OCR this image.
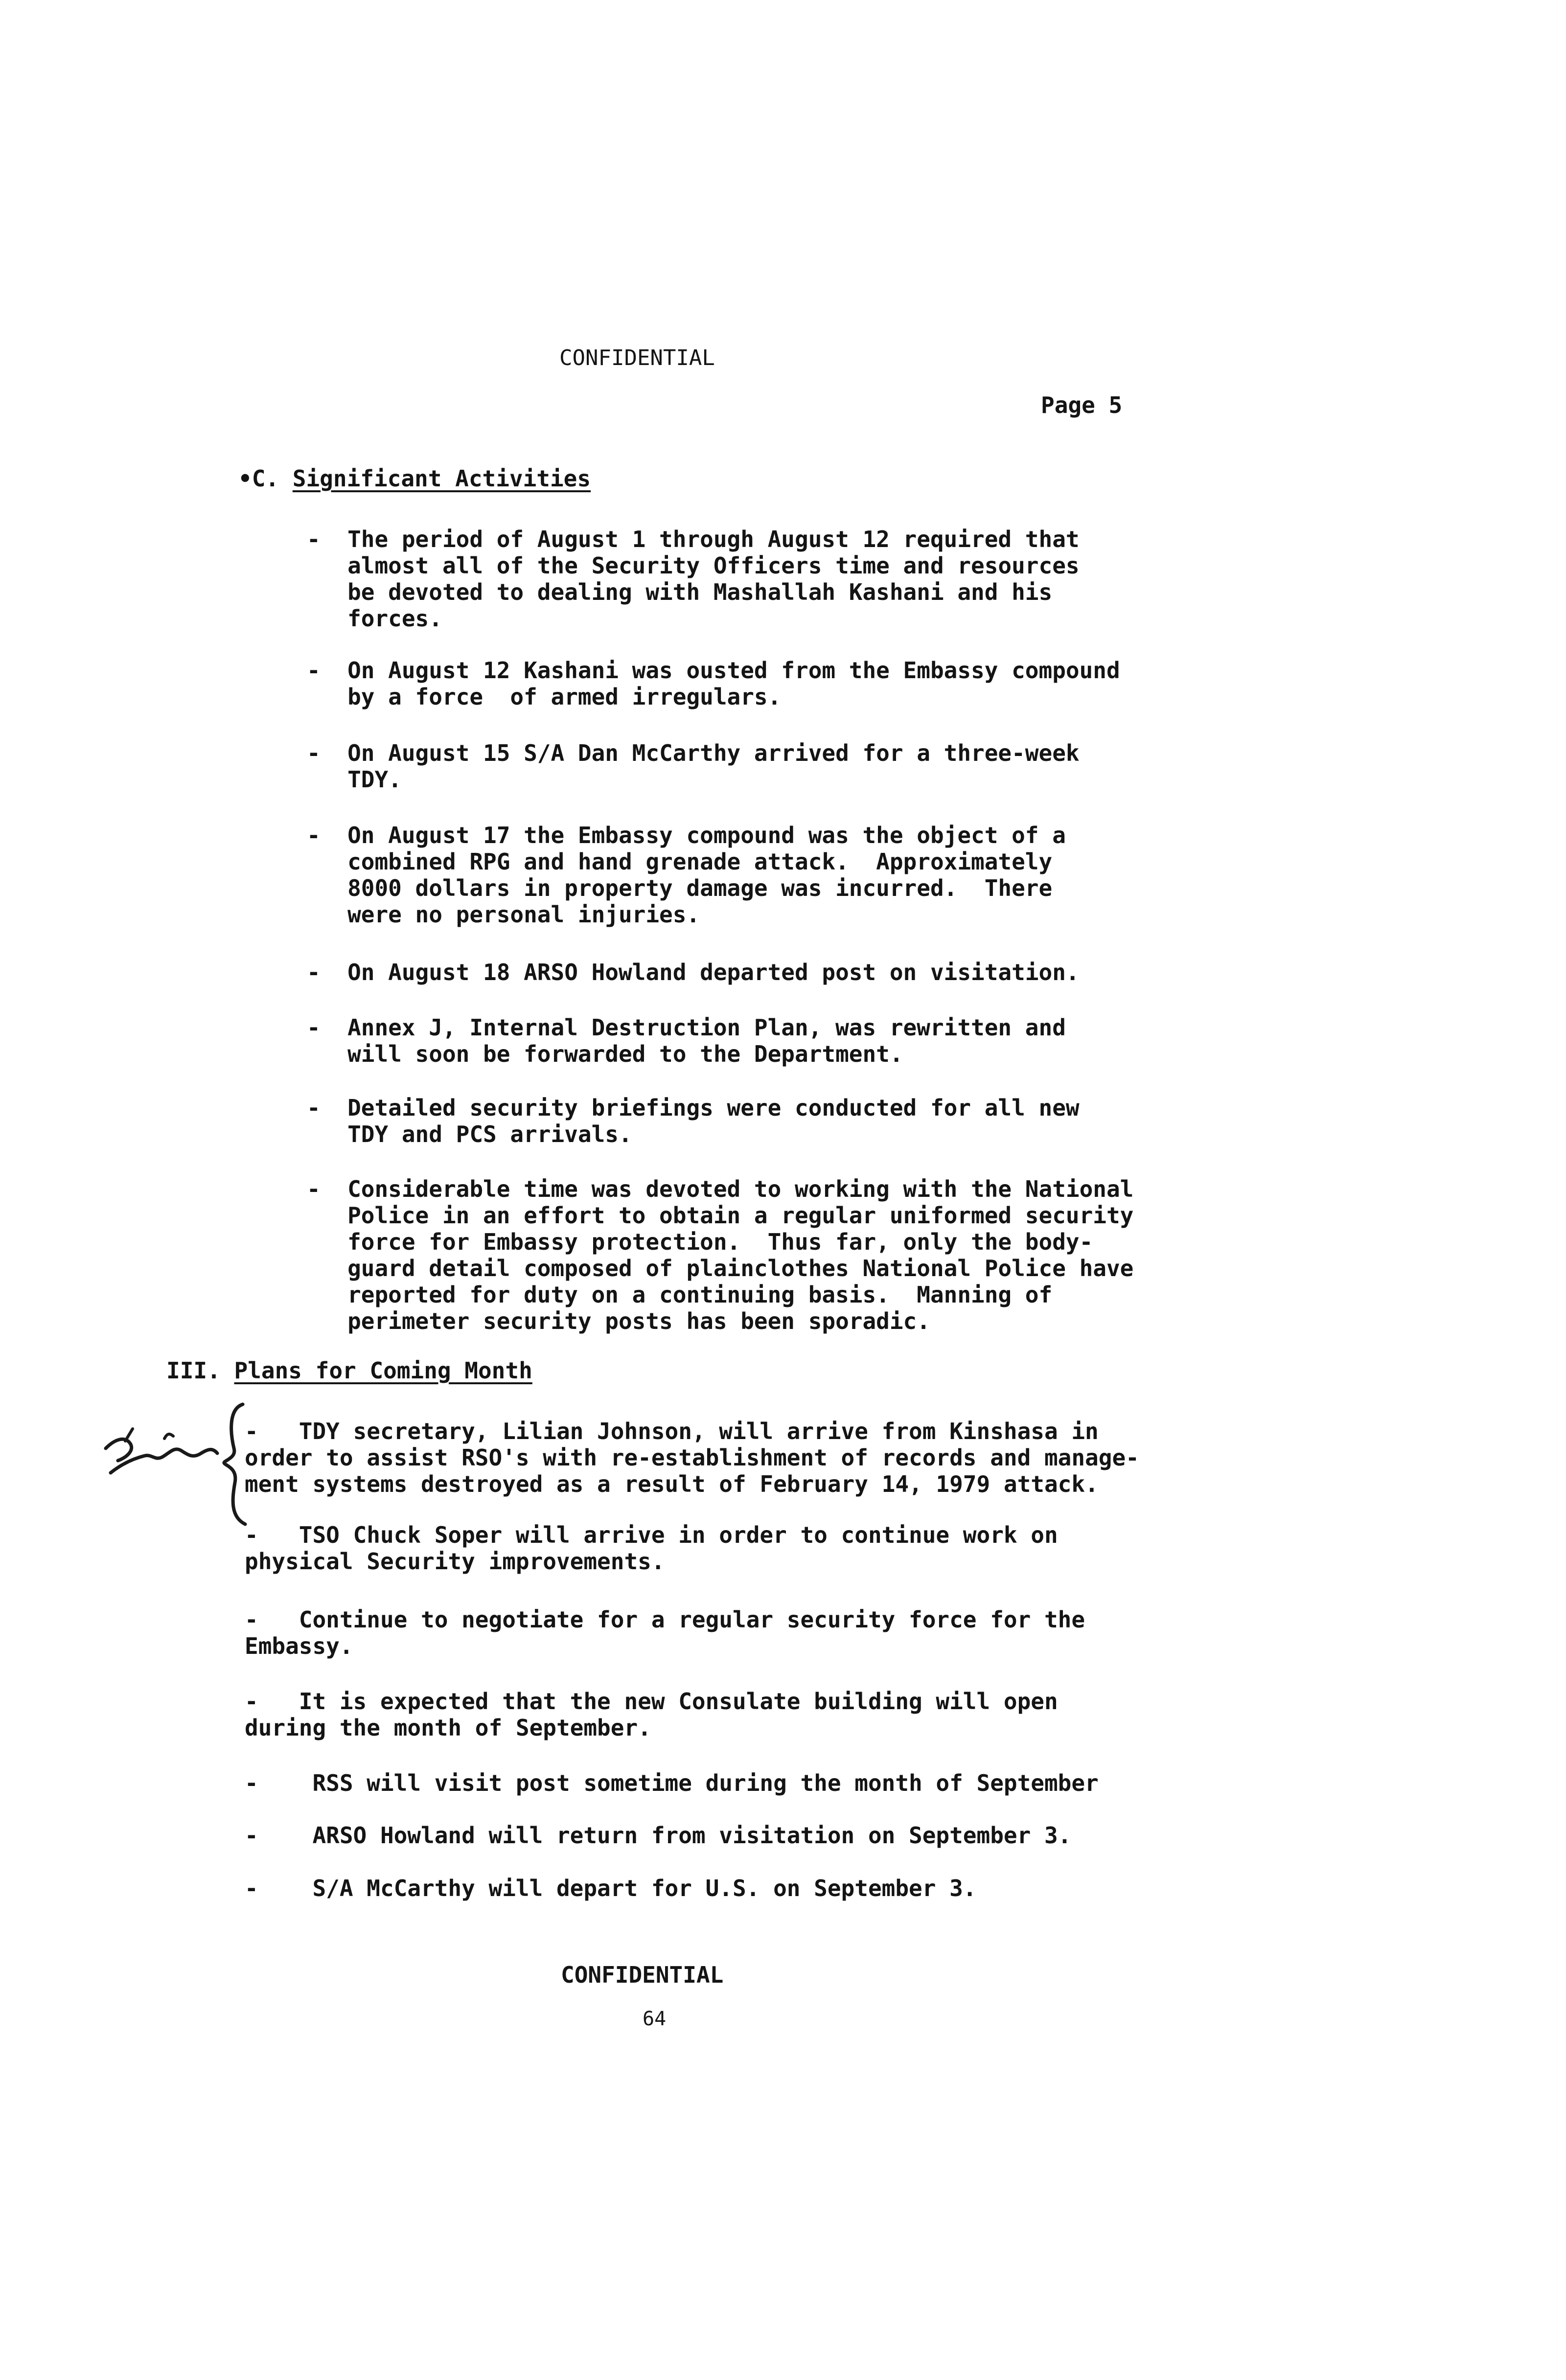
CONFIDENTIAL
Page 5
•C. Significant Activities
-  The period of August 1 through August 12 required that
almost all of the Security Officers time and resources
be devoted to dealing with Mashallah Kashani and his
forces.
-  On August 12 Kashani was ousted from the Embassy compound
by a force  of armed irregulars.
-  On August 15 S/A Dan McCarthy arrived for a three-week
TDY.
-  On August 17 the Embassy compound was the object of a
combined RPG and hand grenade attack.  Approximately
8000 dollars in property damage was incurred.  There
were no personal injuries.
-  On August 18 ARSO Howland departed post on visitation.
-  Annex J, Internal Destruction Plan, was rewritten and
will soon be forwarded to the Department.
-  Detailed security briefings were conducted for all new
TDY and PCS arrivals.
-  Considerable time was devoted to working with the National
Police in an effort to obtain a regular uniformed security
force for Embassy protection.  Thus far, only the body-
guard detail composed of plainclothes National Police have
reported for duty on a continuing basis.  Manning of
perimeter security posts has been sporadic.
III. Plans for Coming Month
-   TDY secretary, Lilian Johnson, will arrive from Kinshasa in
order to assist RSO's with re-establishment of records and manage-
ment systems destroyed as a result of February 14, 1979 attack.
-   TSO Chuck Soper will arrive in order to continue work on
physical Security improvements.
-   Continue to negotiate for a regular security force for the
Embassy.
-   It is expected that the new Consulate building will open
during the month of September.
-    RSS will visit post sometime during the month of September
-    ARSO Howland will return from visitation on September 3.
-    S/A McCarthy will depart for U.S. on September 3.
CONFIDENTIAL
64
